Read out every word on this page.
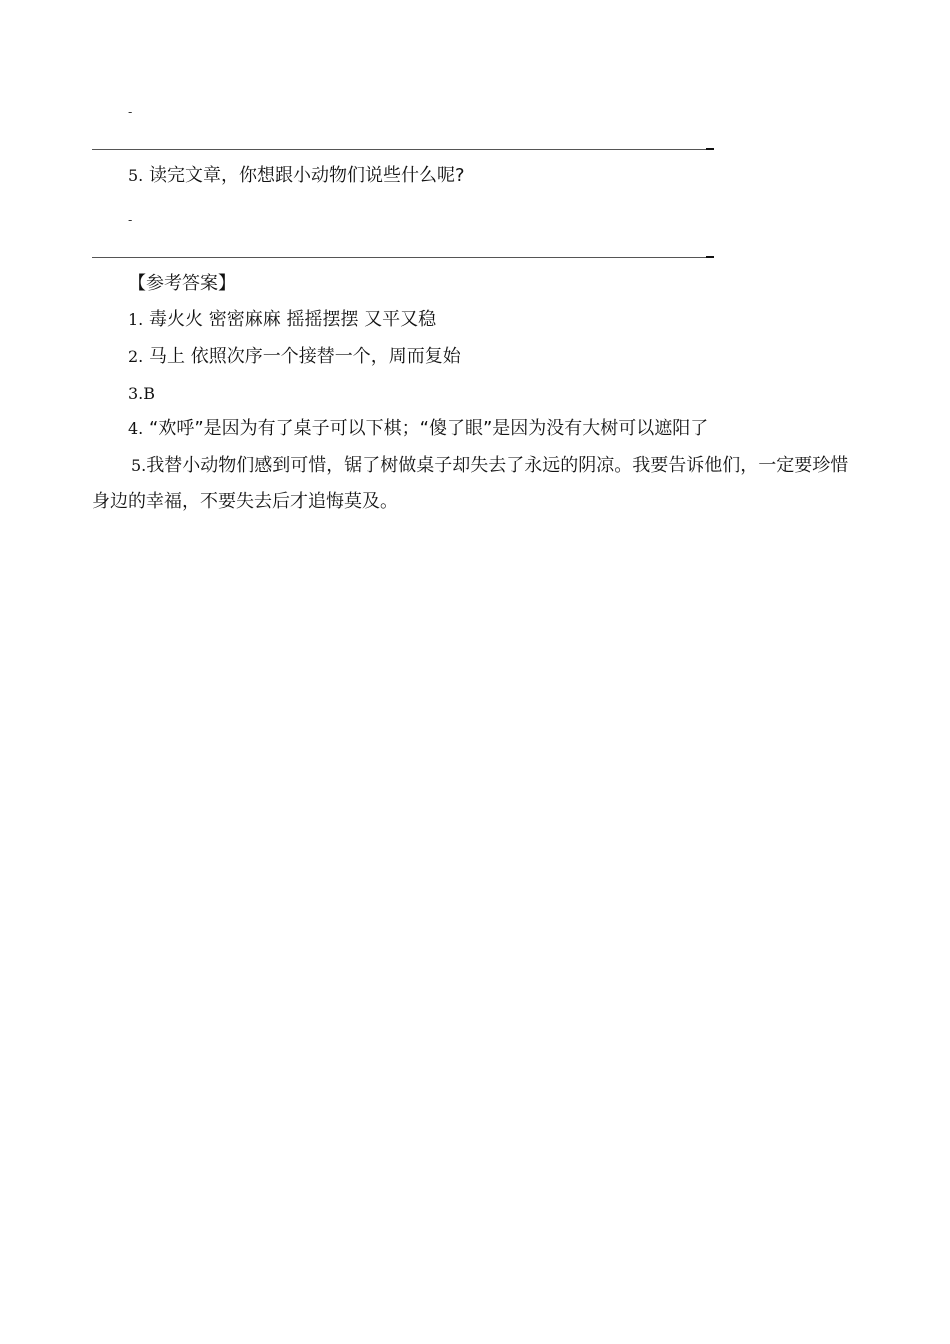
-
5. 读完文章，你想跟小动物们说些什么呢?
-
【参考答案】
1. 毒火火 密密麻麻 摇摇摆摆 又平又稳
2. 马上 依照次序一个接替一个，周而复始
3.B
4. “欢呼”是因为有了桌子可以下棋；“傻了眼”是因为没有大树可以遮阳了
5.我替小动物们感到可惜，锯了树做桌子却失去了永远的阴凉。我要告诉他们，一定要珍惜身边的幸福，不要失去后才追悔莫及。
